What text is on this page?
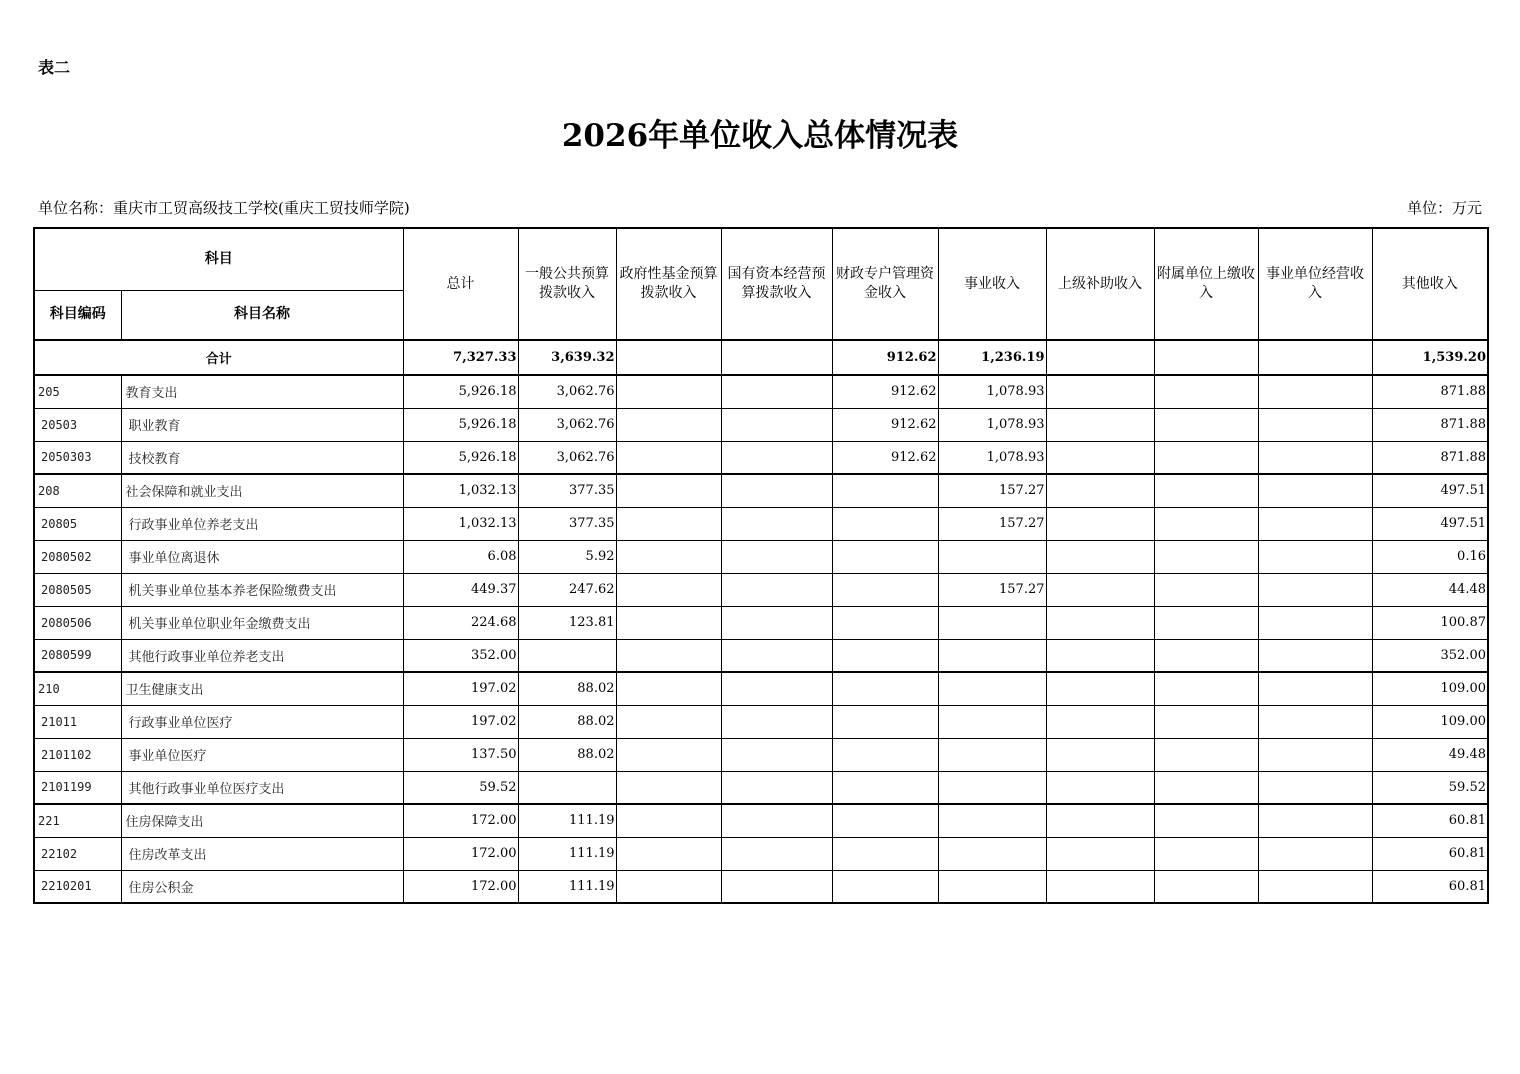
表二
2026年单位收入总体情况表
单位名称：重庆市工贸高级技工学校(重庆工贸技师学院)	单位：万元
科目		总计	一般公共预算拨款收入	政府性基金预算拨款收入	国有资本经营预算拨款收入	财政专户管理资金收入	事业收入	上级补助收入	附属单位上缴收入	事业单位经营收入	其他收入
科目编码	科目名称										
合计		7,327.33	3,639.32			912.62	1,236.19				1,539.20
205	教育支出	5,926.18	3,062.76			912.62	1,078.93				871.88
20503	职业教育	5,926.18	3,062.76			912.62	1,078.93				871.88
2050303	技校教育	5,926.18	3,062.76			912.62	1,078.93				871.88
208	社会保障和就业支出	1,032.13	377.35				157.27				497.51
20805	行政事业单位养老支出	1,032.13	377.35				157.27				497.51
2080502	事业单位离退休	6.08	5.92								0.16
2080505	机关事业单位基本养老保险缴费支出	449.37	247.62				157.27				44.48
2080506	机关事业单位职业年金缴费支出	224.68	123.81								100.87
2080599	其他行政事业单位养老支出	352.00									352.00
210	卫生健康支出	197.02	88.02								109.00
21011	行政事业单位医疗	197.02	88.02								109.00
2101102	事业单位医疗	137.50	88.02								49.48
2101199	其他行政事业单位医疗支出	59.52									59.52
221	住房保障支出	172.00	111.19								60.81
22102	住房改革支出	172.00	111.19								60.81
2210201	住房公积金	172.00	111.19								60.81
